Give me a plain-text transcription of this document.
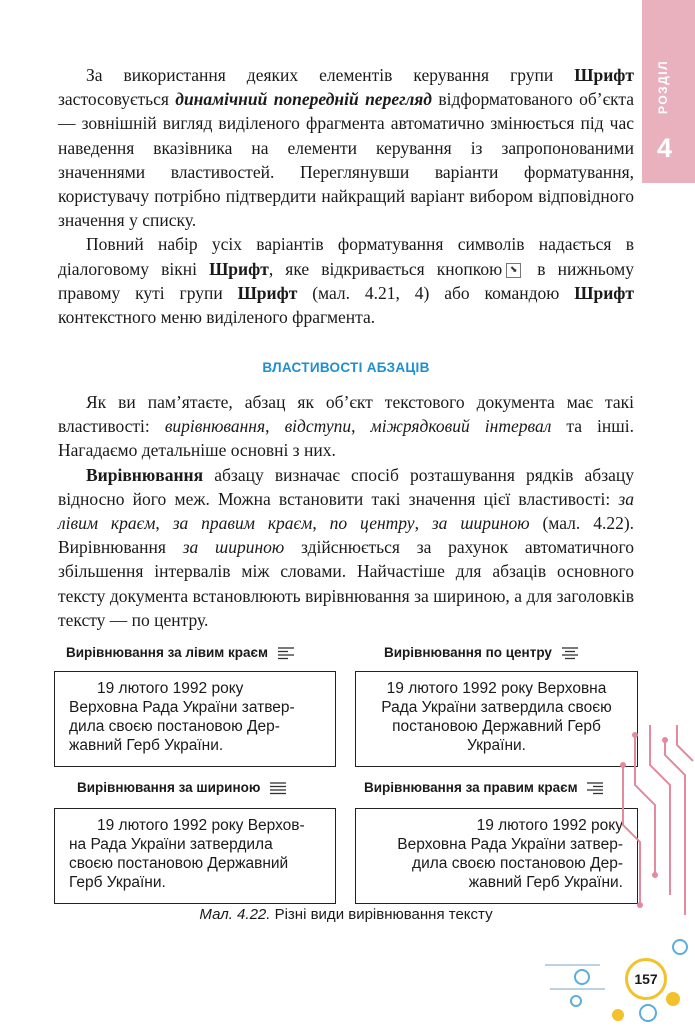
РОЗДІЛ
4

За використання деяких елементів керування групи Шрифт застосовується динамічний попередній перегляд відформатованого об’єкта — зовнішній вигляд виділеного фрагмента автоматично змінюється під час наведення вказівника на елементи керування із запропонованими значеннями властивостей. Переглянувши варіанти форматування, користувачу потрібно підтвердити найкращий варіант вибором відповідного значення у списку.

Повний набір усіх варіантів форматування символів надається в діалоговому вікні Шрифт, яке відкривається кнопкою ⬊ в нижньому правому куті групи Шрифт (мал. 4.21, 4) або командою Шрифт контекстного меню виділеного фрагмента.

ВЛАСТИВОСТІ АБЗАЦІВ

Як ви пам’ятаєте, абзац як об’єкт текстового документа має такі властивості: вирівнювання, відступи, міжрядковий інтервал та інші. Нагадаємо детальніше основні з них.

Вирівнювання абзацу визначає спосіб розташування рядків абзацу відносно його меж. Можна встановити такі значення цієї властивості: за лівим краєм, за правим краєм, по центру, за шириною (мал. 4.22). Вирівнювання за шириною здійснюється за рахунок автоматичного збільшення інтервалів між словами. Найчастіше для абзаців основного тексту документа встановлюють вирівнювання за шириною, а для заголовків тексту — по центру.

Вирівнювання за лівим краєм
19 лютого 1992 року
Верховна Рада України затвер-
дила своєю постановою Дер-
жавний Герб України.
Вирівнювання по центру
19 лютого 1992 року Верховна
Рада України затвердила своєю
постановою Державний Герб
України.
Вирівнювання за шириною
19 лютого 1992 року Верхов-
на Рада України затвердила
своєю постановою Державний
Герб України.
Вирівнювання за правим краєм
19 лютого 1992 року
Верховна Рада України затвер-
дила своєю постановою Дер-
жавний Герб України.
Мал. 4.22. Різні види вирівнювання тексту
157
